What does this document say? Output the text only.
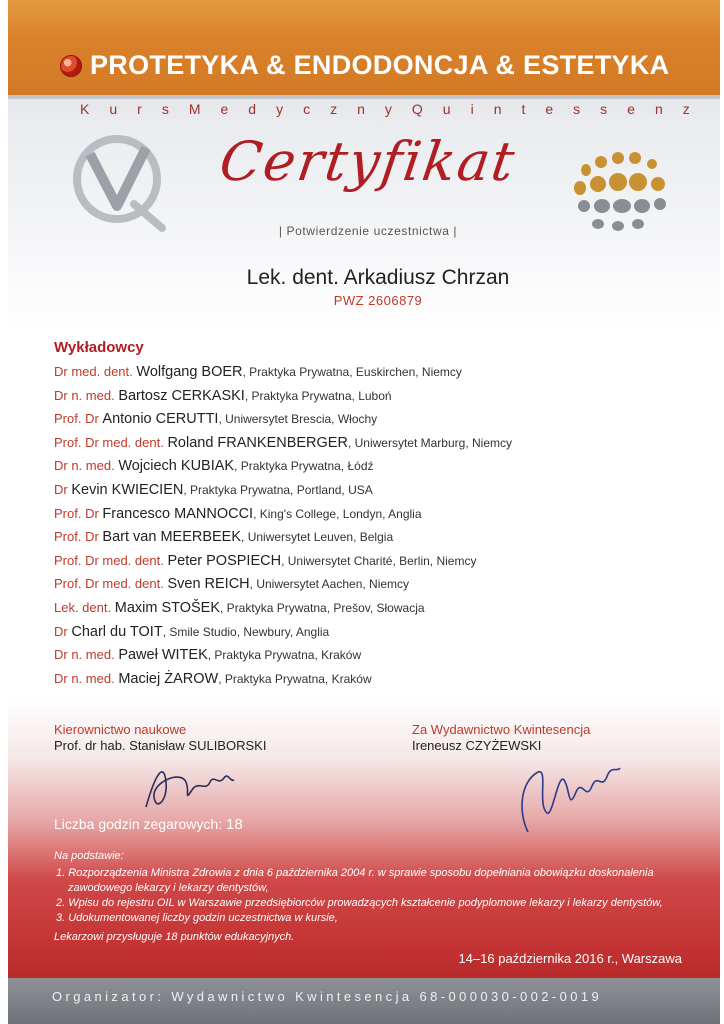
PROTETYKA & ENDODONCJA & ESTETYKA
K u r s M e d y c z n y Q u i n t e s s e n z
Certyfikat
| Potwierdzenie uczestnictwa |
Lek. dent. Arkadiusz Chrzan
PWZ 2606879
Wykładowcy
Dr med. dent. Wolfgang BOER, Praktyka Prywatna, Euskirchen, Niemcy
Dr n. med. Bartosz CERKASKI, Praktyka Prywatna, Luboń
Prof. Dr Antonio CERUTTI, Uniwersytet Brescia, Włochy
Prof. Dr med. dent. Roland FRANKENBERGER, Uniwersytet Marburg, Niemcy
Dr n. med. Wojciech KUBIAK, Praktyka Prywatna, Łódź
Dr Kevin KWIECIEN, Praktyka Prywatna, Portland, USA
Prof. Dr Francesco MANNOCCI, King's College, Londyn, Anglia
Prof. Dr Bart van MEERBEEK, Uniwersytet Leuven, Belgia
Prof. Dr med. dent. Peter POSPIECH, Uniwersytet Charité, Berlin, Niemcy
Prof. Dr med. dent. Sven REICH, Uniwersytet Aachen, Niemcy
Lek. dent. Maxim STOŠEK, Praktyka Prywatna, Prešov, Słowacja
Dr Charl du TOIT, Smile Studio, Newbury, Anglia
Dr n. med. Paweł WITEK, Praktyka Prywatna, Kraków
Dr n. med. Maciej ŻAROW, Praktyka Prywatna, Kraków
Kierownictwo naukowe
Prof. dr hab. Stanisław SULIBORSKI
Za Wydawnictwo Kwintesencja
Ireneusz CZYŻEWSKI
Liczba godzin zegarowych: 18
Na podstawie:
1. Rozporządzenia Ministra Zdrowia z dnia 6 października 2004 r. w sprawie sposobu dopełniania obowiązku doskonalenia zawodowego lekarzy i lekarzy dentystów,
2. Wpisu do rejestru OIL w Warszawie przedsiębiorców prowadzących kształcenie podyplomowe lekarzy i lekarzy dentystów,
3. Udokumentowanej liczby godzin uczestnictwa w kursie,
Lekarzowi przysługuje 18 punktów edukacyjnych.
14–16 października 2016 r., Warszawa
Organizator: Wydawnictwo Kwintesencja 68-000030-002-0019
